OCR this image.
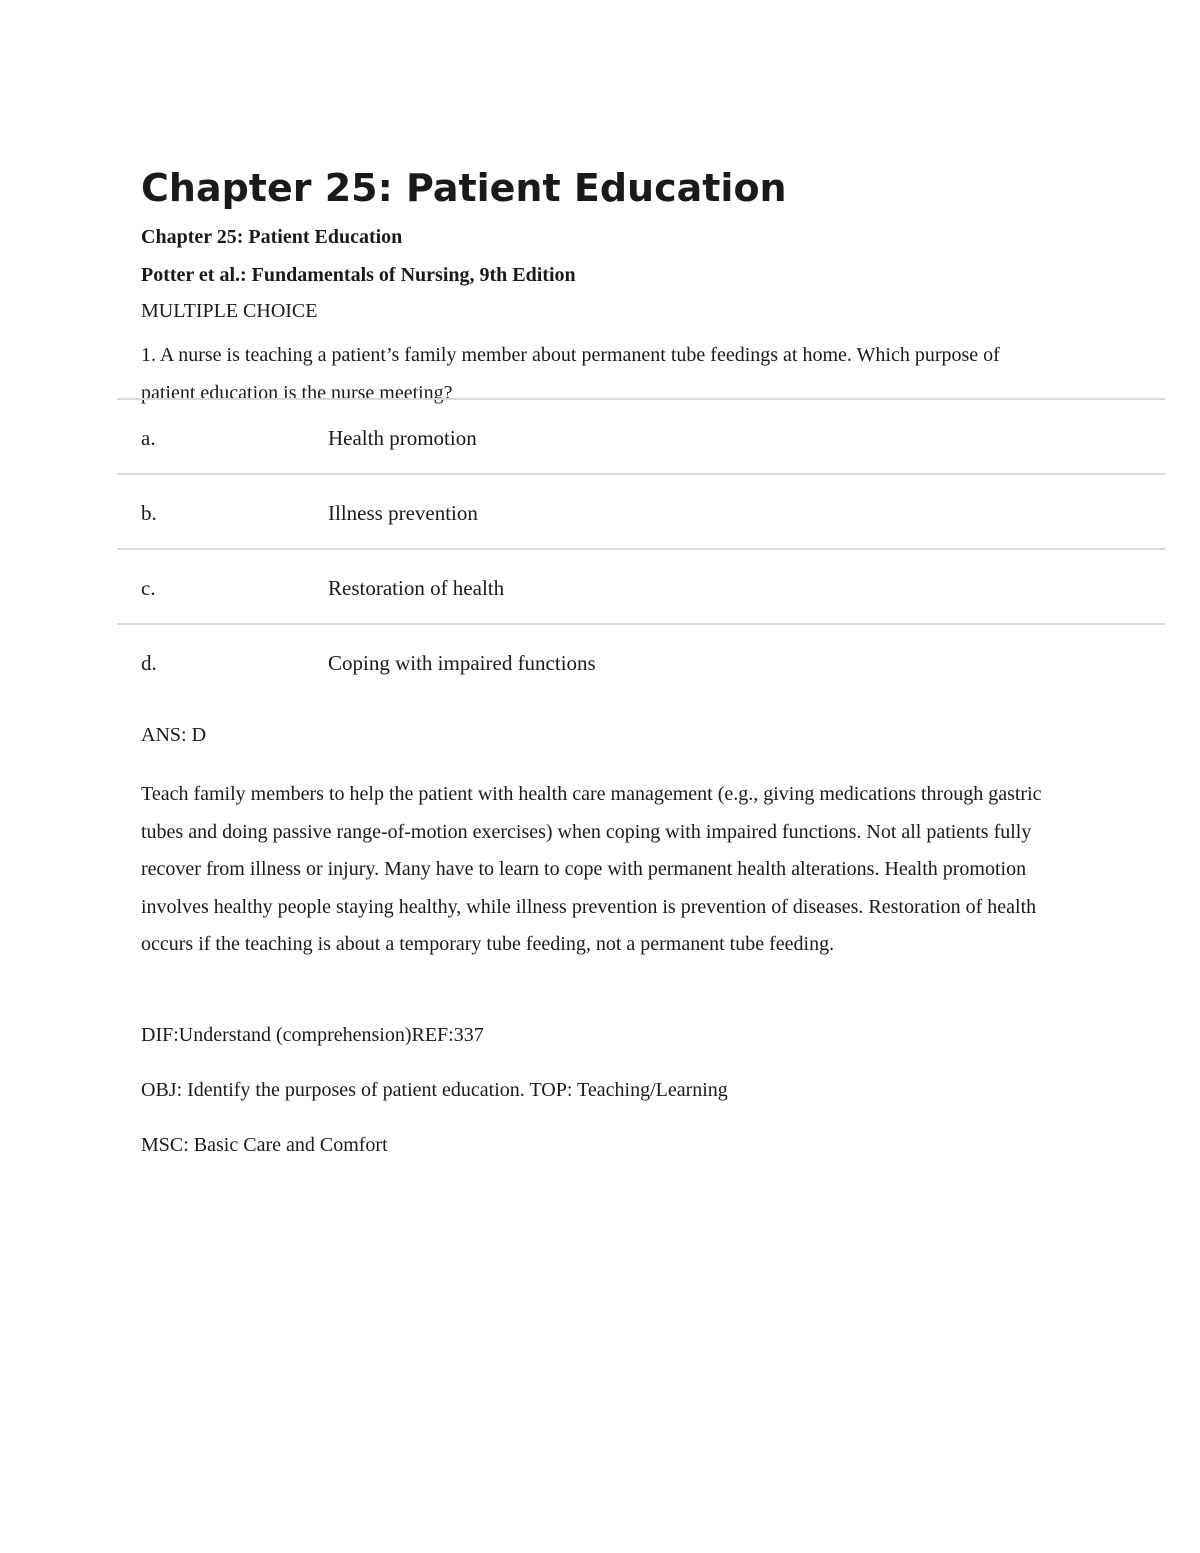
Chapter 25: Patient Education
Chapter 25: Patient Education
Potter et al.: Fundamentals of Nursing, 9th Edition
MULTIPLE CHOICE

1. A nurse is teaching a patient’s family member about permanent tube feedings at home. Which purpose of patient education is the nurse meeting?

a.	Health promotion
b.	Illness prevention
c.	Restoration of health
d.	Coping with impaired functions

ANS: D

Teach family members to help the patient with health care management (e.g., giving medications through gastric tubes and doing passive range-of-motion exercises) when coping with impaired functions. Not all patients fully recover from illness or injury. Many have to learn to cope with permanent health alterations. Health promotion involves healthy people staying healthy, while illness prevention is prevention of diseases. Restoration of health occurs if the teaching is about a temporary tube feeding, not a permanent tube feeding.

DIF:Understand (comprehension)REF:337

OBJ: Identify the purposes of patient education. TOP: Teaching/Learning

MSC: Basic Care and Comfort
